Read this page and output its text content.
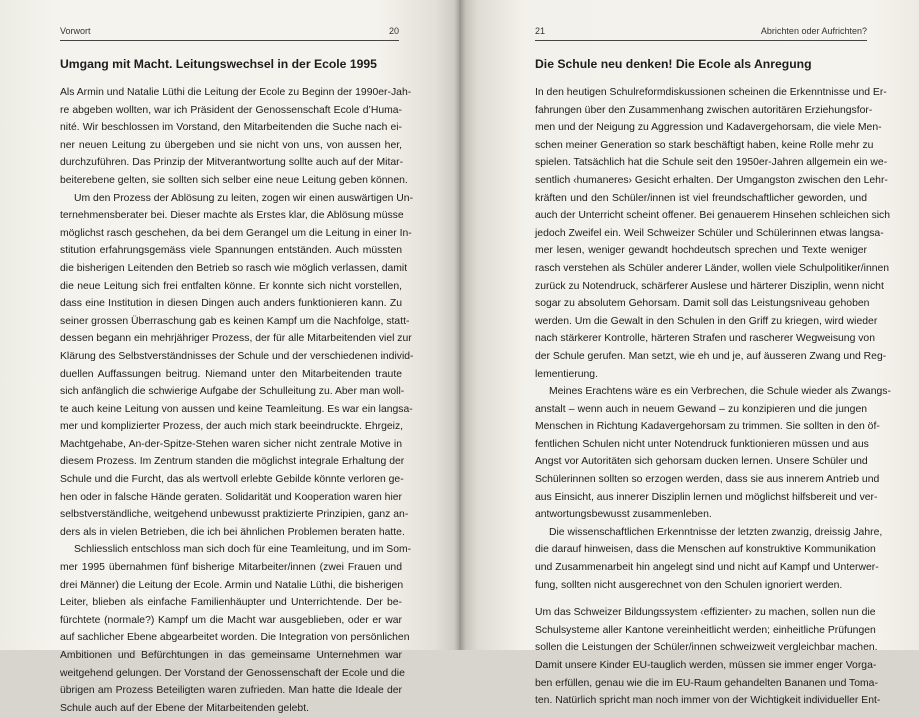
Vorwort	20
Umgang mit Macht. Leitungswechsel in der Ecole 1995
Als Armin und Natalie Lüthi die Leitung der Ecole zu Beginn der 1990er-Jah-
re abgeben wollten, war ich Präsident der Genossenschaft Ecole d’Huma-
nité. Wir beschlossen im Vorstand, den Mitarbeitenden die Suche nach ei-
ner neuen Leitung zu übergeben und sie nicht von uns, von aussen her,
durchzuführen. Das Prinzip der Mitverantwortung sollte auch auf der Mitar-
beiterebene gelten, sie sollten sich selber eine neue Leitung geben können.
Um den Prozess der Ablösung zu leiten, zogen wir einen auswärtigen Un-
ternehmensberater bei. Dieser machte als Erstes klar, die Ablösung müsse
möglichst rasch geschehen, da bei dem Gerangel um die Leitung in einer In-
stitution erfahrungsgemäss viele Spannungen entständen. Auch müssten
die bisherigen Leitenden den Betrieb so rasch wie möglich verlassen, damit
die neue Leitung sich frei entfalten könne. Er konnte sich nicht vorstellen,
dass eine Institution in diesen Dingen auch anders funktionieren kann. Zu
seiner grossen Überraschung gab es keinen Kampf um die Nachfolge, statt-
dessen begann ein mehrjähriger Prozess, der für alle Mitarbeitenden viel zur
Klärung des Selbstverständnisses der Schule und der verschiedenen individ-
duellen Auffassungen beitrug. Niemand unter den Mitarbeitenden traute
sich anfänglich die schwierige Aufgabe der Schulleitung zu. Aber man woll-
te auch keine Leitung von aussen und keine Teamleitung. Es war ein langsa-
mer und komplizierter Prozess, der auch mich stark beeindruckte. Ehrgeiz,
Machtgehabe, An-der-Spitze-Stehen waren sicher nicht zentrale Motive in
diesem Prozess. Im Zentrum standen die möglichst integrale Erhaltung der
Schule und die Furcht, das als wertvoll erlebte Gebilde könnte verloren ge-
hen oder in falsche Hände geraten. Solidarität und Kooperation waren hier
selbstverständliche, weitgehend unbewusst praktizierte Prinzipien, ganz an-
ders als in vielen Betrieben, die ich bei ähnlichen Problemen beraten hatte.
Schliesslich entschloss man sich doch für eine Teamleitung, und im Som-
mer 1995 übernahmen fünf bisherige Mitarbeiter/innen (zwei Frauen und
drei Männer) die Leitung der Ecole. Armin und Natalie Lüthi, die bisherigen
Leiter, blieben als einfache Familienhäupter und Unterrichtende. Der be-
fürchtete (normale?) Kampf um die Macht war ausgeblieben, oder er war
auf sachlicher Ebene abgearbeitet worden. Die Integration von persönlichen
Ambitionen und Befürchtungen in das gemeinsame Unternehmen war
weitgehend gelungen. Der Vorstand der Genossenschaft der Ecole und die
übrigen am Prozess Beteiligten waren zufrieden. Man hatte die Ideale der
Schule auch auf der Ebene der Mitarbeitenden gelebt.
21	Abrichten oder Aufrichten?
Die Schule neu denken! Die Ecole als Anregung
In den heutigen Schulreformdiskussionen scheinen die Erkenntnisse und Er-
fahrungen über den Zusammenhang zwischen autoritären Erziehungsfor-
men und der Neigung zu Aggression und Kadavergehorsam, die viele Men-
schen meiner Generation so stark beschäftigt haben, keine Rolle mehr zu
spielen. Tatsächlich hat die Schule seit den 1950er-Jahren allgemein ein we-
sentlich ‹humaneres› Gesicht erhalten. Der Umgangston zwischen den Lehr-
kräften und den Schüler/innen ist viel freundschaftlicher geworden, und
auch der Unterricht scheint offener. Bei genauerem Hinsehen schleichen sich
jedoch Zweifel ein. Weil Schweizer Schüler und Schülerinnen etwas langsa-
mer lesen, weniger gewandt hochdeutsch sprechen und Texte weniger
rasch verstehen als Schüler anderer Länder, wollen viele Schulpolitiker/innen
zurück zu Notendruck, schärferer Auslese und härterer Disziplin, wenn nicht
sogar zu absolutem Gehorsam. Damit soll das Leistungsniveau gehoben
werden. Um die Gewalt in den Schulen in den Griff zu kriegen, wird wieder
nach stärkerer Kontrolle, härteren Strafen und rascherer Wegweisung von
der Schule gerufen. Man setzt, wie eh und je, auf äusseren Zwang und Reg-
lementierung.
Meines Erachtens wäre es ein Verbrechen, die Schule wieder als Zwangs-
anstalt – wenn auch in neuem Gewand – zu konzipieren und die jungen
Menschen in Richtung Kadavergehorsam zu trimmen. Sie sollten in den öf-
fentlichen Schulen nicht unter Notendruck funktionieren müssen und aus
Angst vor Autoritäten sich gehorsam ducken lernen. Unsere Schüler und
Schülerinnen sollten so erzogen werden, dass sie aus innerem Antrieb und
aus Einsicht, aus innerer Disziplin lernen und möglichst hilfsbereit und ver-
antwortungsbewusst zusammenleben.
Die wissenschaftlichen Erkenntnisse der letzten zwanzig, dreissig Jahre,
die darauf hinweisen, dass die Menschen auf konstruktive Kommunikation
und Zusammenarbeit hin angelegt sind und nicht auf Kampf und Unterwer-
fung, sollten nicht ausgerechnet von den Schulen ignoriert werden.
Um das Schweizer Bildungssystem ‹effizienter› zu machen, sollen nun die
Schulsysteme aller Kantone vereinheitlicht werden; einheitliche Prüfungen
sollen die Leistungen der Schüler/innen schweizweit vergleichbar machen.
Damit unsere Kinder EU-tauglich werden, müssen sie immer enger Vorga-
ben erfüllen, genau wie die im EU-Raum gehandelten Bananen und Toma-
ten. Natürlich spricht man noch immer von der Wichtigkeit individueller Ent-
